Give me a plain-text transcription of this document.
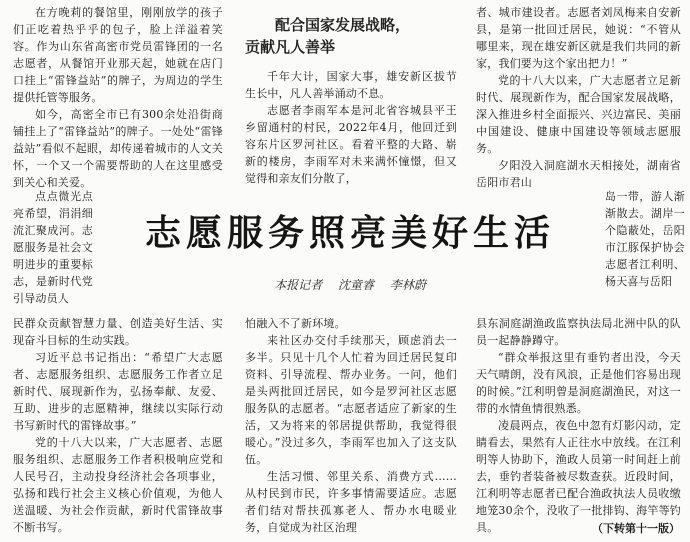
在方晚莉的餐馆里，刚刚放学的孩子们正吃着热乎乎的包子，脸上洋溢着笑容。作为山东省高密市党员雷锋团的一名志愿者，从餐馆开业那天起，她就在店门口挂上“雷锋益站”的牌子，为周边的学生提供托管等服务。

如今，高密全市已有300余处沿街商铺挂上了“雷锋益站”的牌子。一处处“雷锋益站”看似不起眼，却传递着城市的人文关怀，一个又一个需要帮助的人在这里感受到关心和关爱。

点点微光点亮希望，涓涓细流汇聚成河。志愿服务是社会文明进步的重要标志，是新时代党引导动员人

民群众贡献智慧力量、创造美好生活、实现奋斗目标的生动实践。

习近平总书记指出：“希望广大志愿者、志愿服务组织、志愿服务工作者立足新时代、展现新作为，弘扬奉献、友爱、互助、进步的志愿精神，继续以实际行动书写新时代的雷锋故事。”

党的十八大以来，广大志愿者、志愿服务组织、志愿服务工作者积极响应党和人民号召，主动投身经济社会各项事业，弘扬和践行社会主义核心价值观，为他人送温暖、为社会作贡献，新时代雷锋故事不断书写。

配合国家发展战略，
贡献凡人善举

千年大计，国家大事，雄安新区拔节生长中，凡人善举涌动不息。

志愿者李雨军本是河北省容城县平王乡留通村的村民，2022年4月，他回迁到容东片区罗河社区。看着平整的大路、崭新的楼房，李雨军对未来满怀憧憬，但又觉得和亲友们分散了，

怕融入不了新环境。

来社区办交付手续那天，顾虑消去一多半。只见十几个人忙着为回迁居民复印资料、引导流程、帮办业务。一问，他们是头两批回迁居民，如今是罗河社区志愿服务队的志愿者。“志愿者适应了新家的生活，又为将来的邻居提供帮助，我觉得很暖心。”没过多久，李雨军也加入了这支队伍。

生活习惯、邻里关系、消费方式……从村民到市民，许多事情需要适应。志愿者们结对帮扶孤寡老人、帮办水电暖业务，自觉成为社区治理

者、城市建设者。志愿者刘凤梅来自安新县，是第一批回迁居民，她说：“不管从哪里来，现在雄安新区就是我们共同的新家，我们要为这个家出把力！”

党的十八大以来，广大志愿者立足新时代、展现新作为，配合国家发展战略，深入推进乡村全面振兴、兴边富民、美丽中国建设、健康中国建设等领域志愿服务。

夕阳没入洞庭湖水天相接处，湖南省岳阳市君山

岛一带，游人渐渐散去。湖岸一个隐蔽处，岳阳市江豚保护协会志愿者江利明、杨天喜与岳阳

县东洞庭湖渔政监察执法局北洲中队的队员一起静静蹲守。

“群众举报这里有垂钓者出没，今天天气晴朗，没有风浪，正是他们容易出现的时候。”江利明曾是洞庭湖渔民，对这一带的水情鱼情很熟悉。

凌晨两点，夜色中忽有灯影闪动，定睛看去，果然有人正往水中放线。在江利明等人协助下，渔政人员第一时间赶上前去，垂钓者装备被尽数查获。近段时间，江利明等志愿者已配合渔政执法人员收缴地笼30余个，没收了一批排钩、海竿等钓具。

志愿服务照亮美好生活
本报记者 沈童睿 李林蔚
（下转第十一版）
